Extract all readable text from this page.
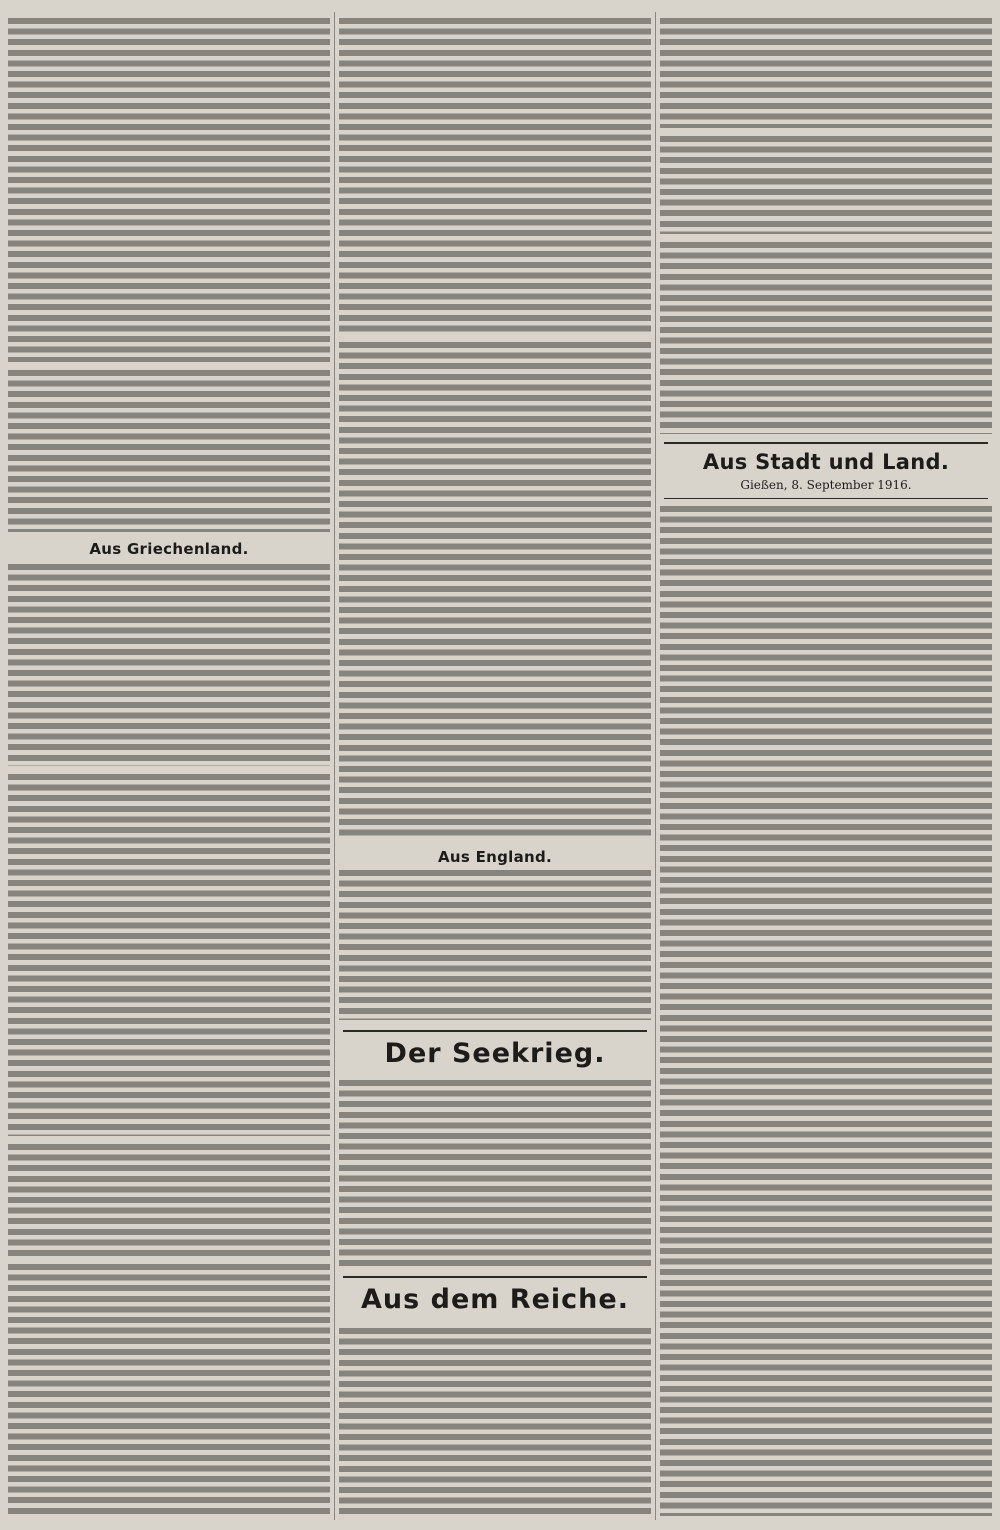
Aus Griechenland.
Aus England.
Der Seekrieg.
Aus dem Reiche.
Aus Stadt und Land.
Gießen, 8. September 1916.
